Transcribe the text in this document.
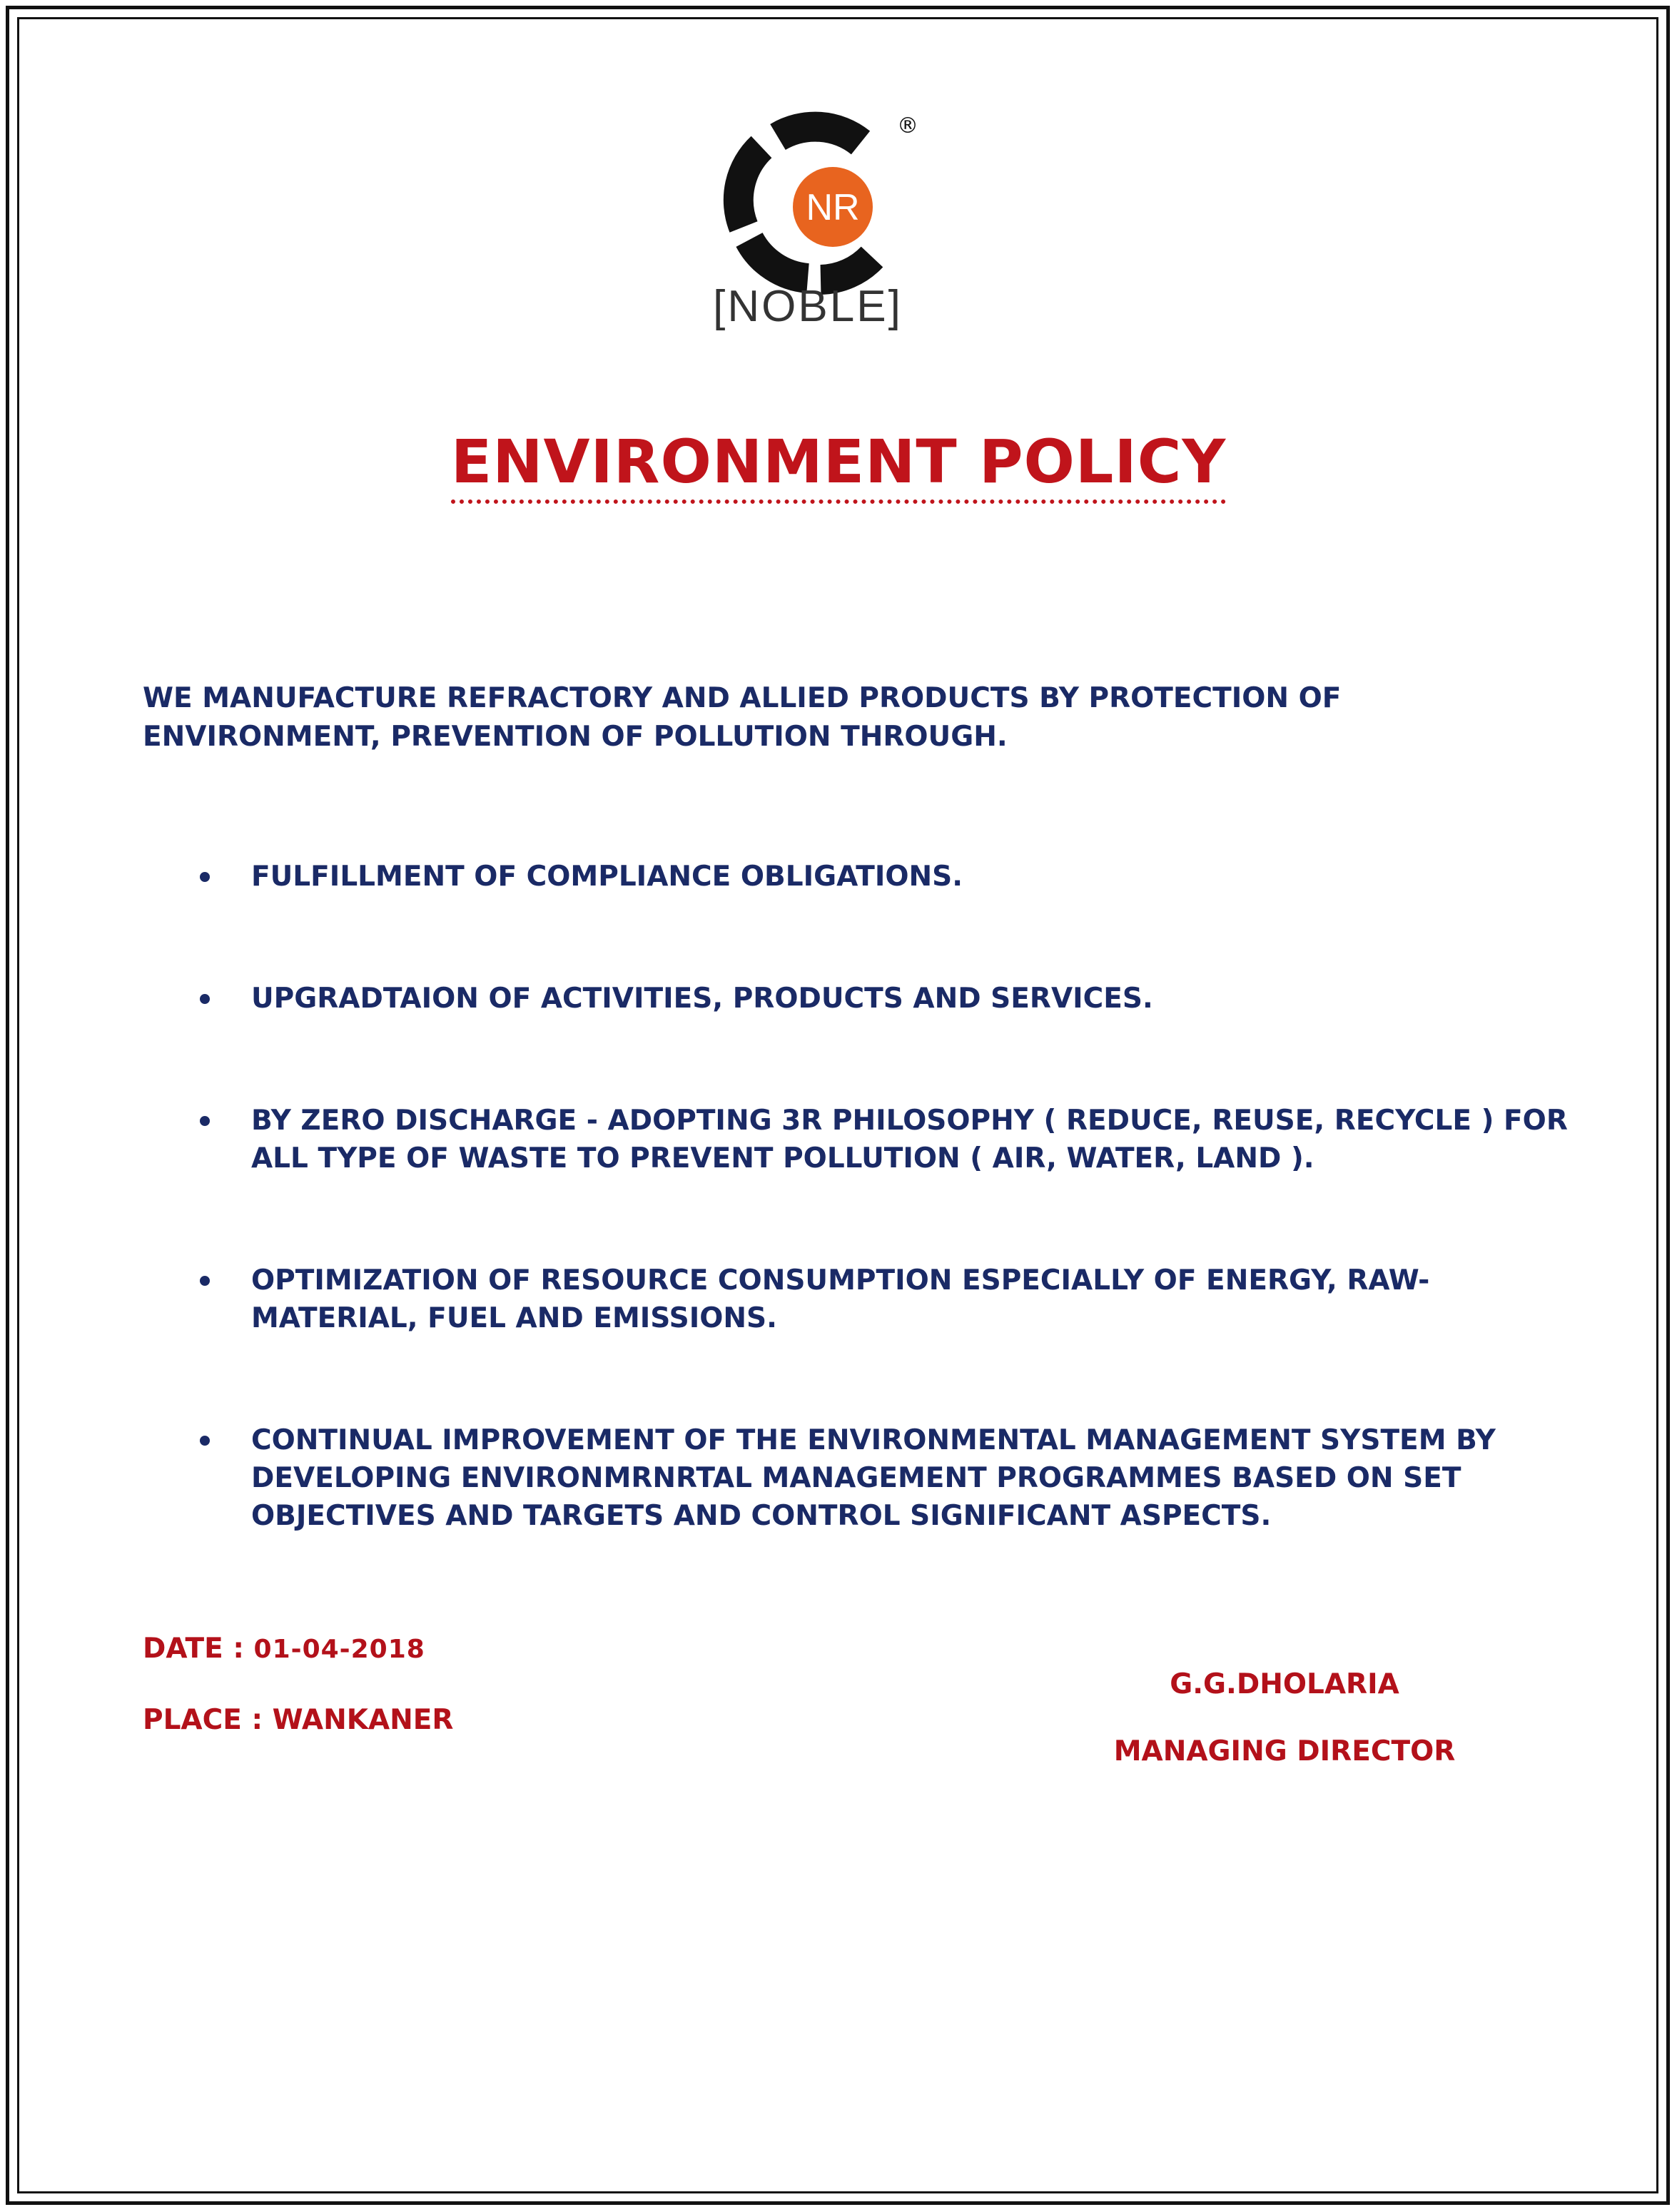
NR
®
[NOBLE]
ENVIRONMENT POLICY
WE MANUFACTURE REFRACTORY AND ALLIED PRODUCTS BY PROTECTION OF ENVIRONMENT, PREVENTION OF POLLUTION THROUGH.
FULFILLMENT OF COMPLIANCE OBLIGATIONS.
UPGRADTAION OF ACTIVITIES, PRODUCTS AND SERVICES.
BY ZERO DISCHARGE - ADOPTING 3R PHILOSOPHY ( REDUCE, REUSE, RECYCLE ) FOR ALL TYPE OF WASTE TO PREVENT POLLUTION ( AIR, WATER, LAND ).
OPTIMIZATION OF RESOURCE CONSUMPTION ESPECIALLY OF ENERGY, RAW-MATERIAL, FUEL AND EMISSIONS.
CONTINUAL IMPROVEMENT OF THE ENVIRONMENTAL MANAGEMENT SYSTEM BY DEVELOPING ENVIRONMRNRTAL MANAGEMENT PROGRAMMES BASED ON SET OBJECTIVES AND TARGETS AND CONTROL SIGNIFICANT ASPECTS.
DATE : 01-04-2018
PLACE : WANKANER
G.G.DHOLARIA
MANAGING DIRECTOR
